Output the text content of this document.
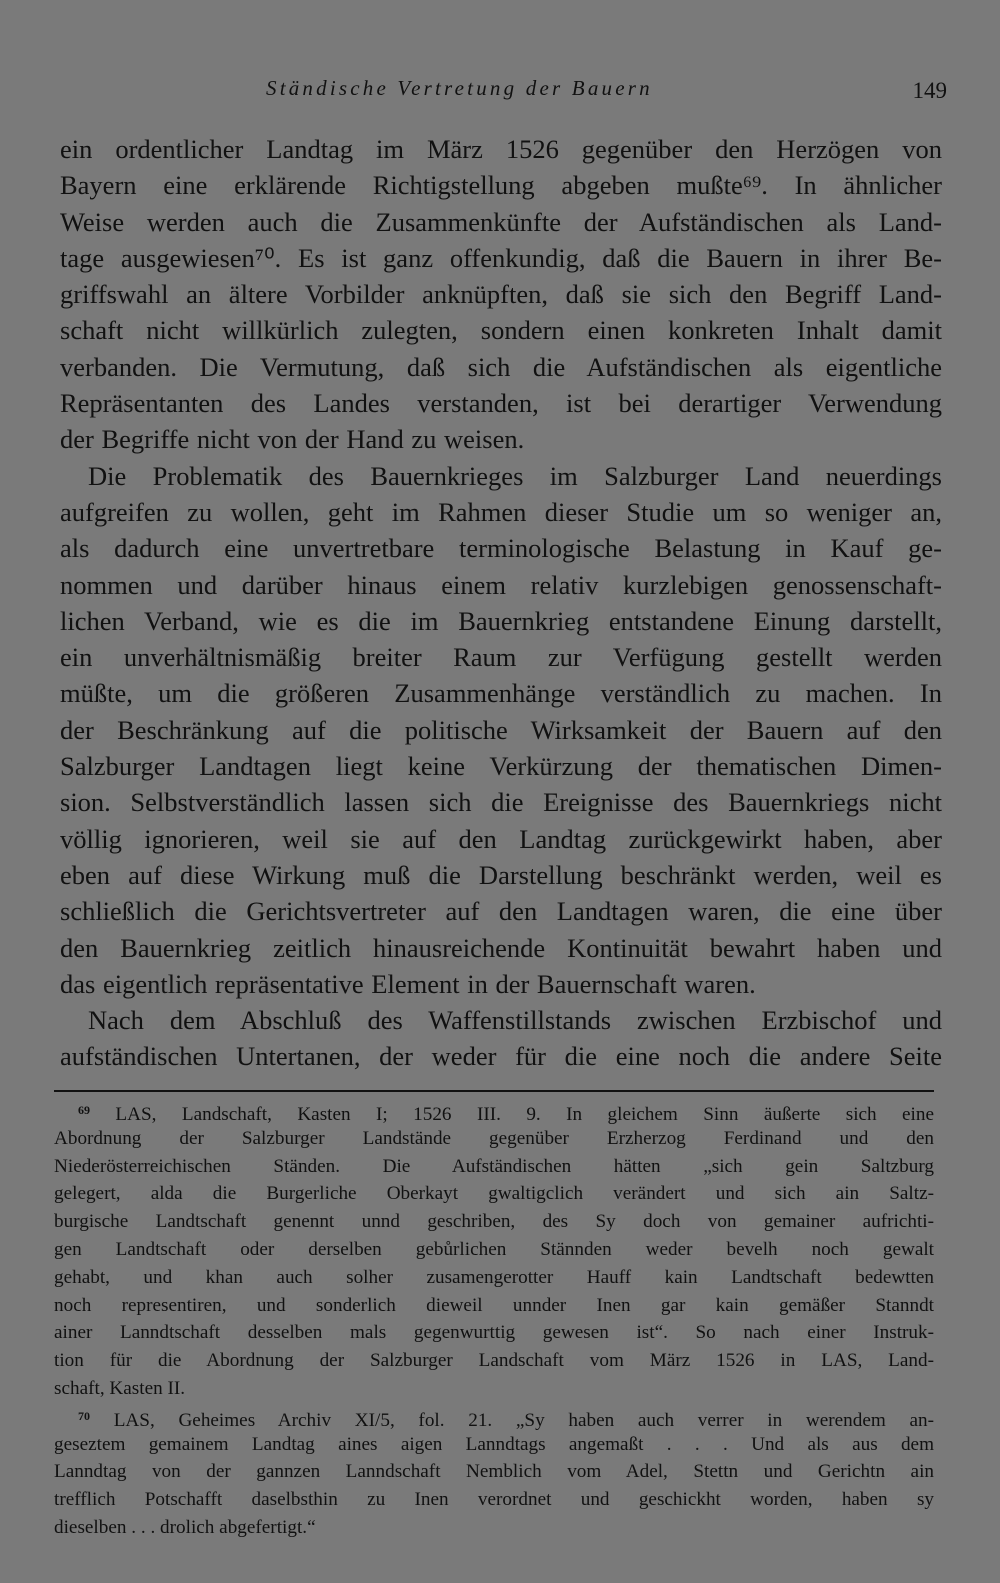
Ständische Vertretung der Bauern	149
ein ordentlicher Landtag im März 1526 gegenüber den Herzögen von
Bayern eine erklärende Richtigstellung abgeben mußte⁶⁹. In ähnlicher
Weise werden auch die Zusammenkünfte der Aufständischen als Land-
tage ausgewiesen⁷⁰. Es ist ganz offenkundig, daß die Bauern in ihrer Be-
griffswahl an ältere Vorbilder anknüpften, daß sie sich den Begriff Land-
schaft nicht willkürlich zulegten, sondern einen konkreten Inhalt damit
verbanden. Die Vermutung, daß sich die Aufständischen als eigentliche
Repräsentanten des Landes verstanden, ist bei derartiger Verwendung
der Begriffe nicht von der Hand zu weisen.
Die Problematik des Bauernkrieges im Salzburger Land neuerdings
aufgreifen zu wollen, geht im Rahmen dieser Studie um so weniger an,
als dadurch eine unvertretbare terminologische Belastung in Kauf ge-
nommen und darüber hinaus einem relativ kurzlebigen genossenschaft-
lichen Verband, wie es die im Bauernkrieg entstandene Einung darstellt,
ein unverhältnismäßig breiter Raum zur Verfügung gestellt werden
müßte, um die größeren Zusammenhänge verständlich zu machen. In
der Beschränkung auf die politische Wirksamkeit der Bauern auf den
Salzburger Landtagen liegt keine Verkürzung der thematischen Dimen-
sion. Selbstverständlich lassen sich die Ereignisse des Bauernkriegs nicht
völlig ignorieren, weil sie auf den Landtag zurückgewirkt haben, aber
eben auf diese Wirkung muß die Darstellung beschränkt werden, weil es
schließlich die Gerichtsvertreter auf den Landtagen waren, die eine über
den Bauernkrieg zeitlich hinausreichende Kontinuität bewahrt haben und
das eigentlich repräsentative Element in der Bauernschaft waren.
Nach dem Abschluß des Waffenstillstands zwischen Erzbischof und
aufständischen Untertanen, der weder für die eine noch die andere Seite
$^{69}$ LAS, Landschaft, Kasten I; 1526 III. 9. In gleichem Sinn äußerte sich eine
Abordnung der Salzburger Landstände gegenüber Erzherzog Ferdinand und den
Niederösterreichischen Ständen. Die Aufständischen hätten „sich gein Saltzburg
gelegert, alda die Burgerliche Oberkayt gwaltigclich verändert und sich ain Saltz-
burgische Landtschaft genennt unnd geschriben, des Sy doch von gemainer aufrichti-
gen Landtschaft oder derselben gebůrlichen Stännden weder bevelh noch gewalt
gehabt, und khan auch solher zusamengerotter Hauff kain Landtschaft bedewtten
noch representiren, und sonderlich dieweil unnder Inen gar kain gemäßer Stanndt
ainer Lanndtschaft desselben mals gegenwurttig gewesen ist“. So nach einer Instruk-
tion für die Abordnung der Salzburger Landschaft vom März 1526 in LAS, Land-
schaft, Kasten II.
$^{70}$ LAS, Geheimes Archiv XI/5, fol. 21. „Sy haben auch verrer in werendem an-
geseztem gemainem Landtag aines aigen Lanndtags angemaßt . . . Und als aus dem
Lanndtag von der gannzen Lanndschaft Nemblich vom Adel, Stettn und Gerichtn ain
trefflich Potschafft daselbsthin zu Inen verordnet und geschickht worden, haben sy
dieselben . . . drolich abgefertigt.“
